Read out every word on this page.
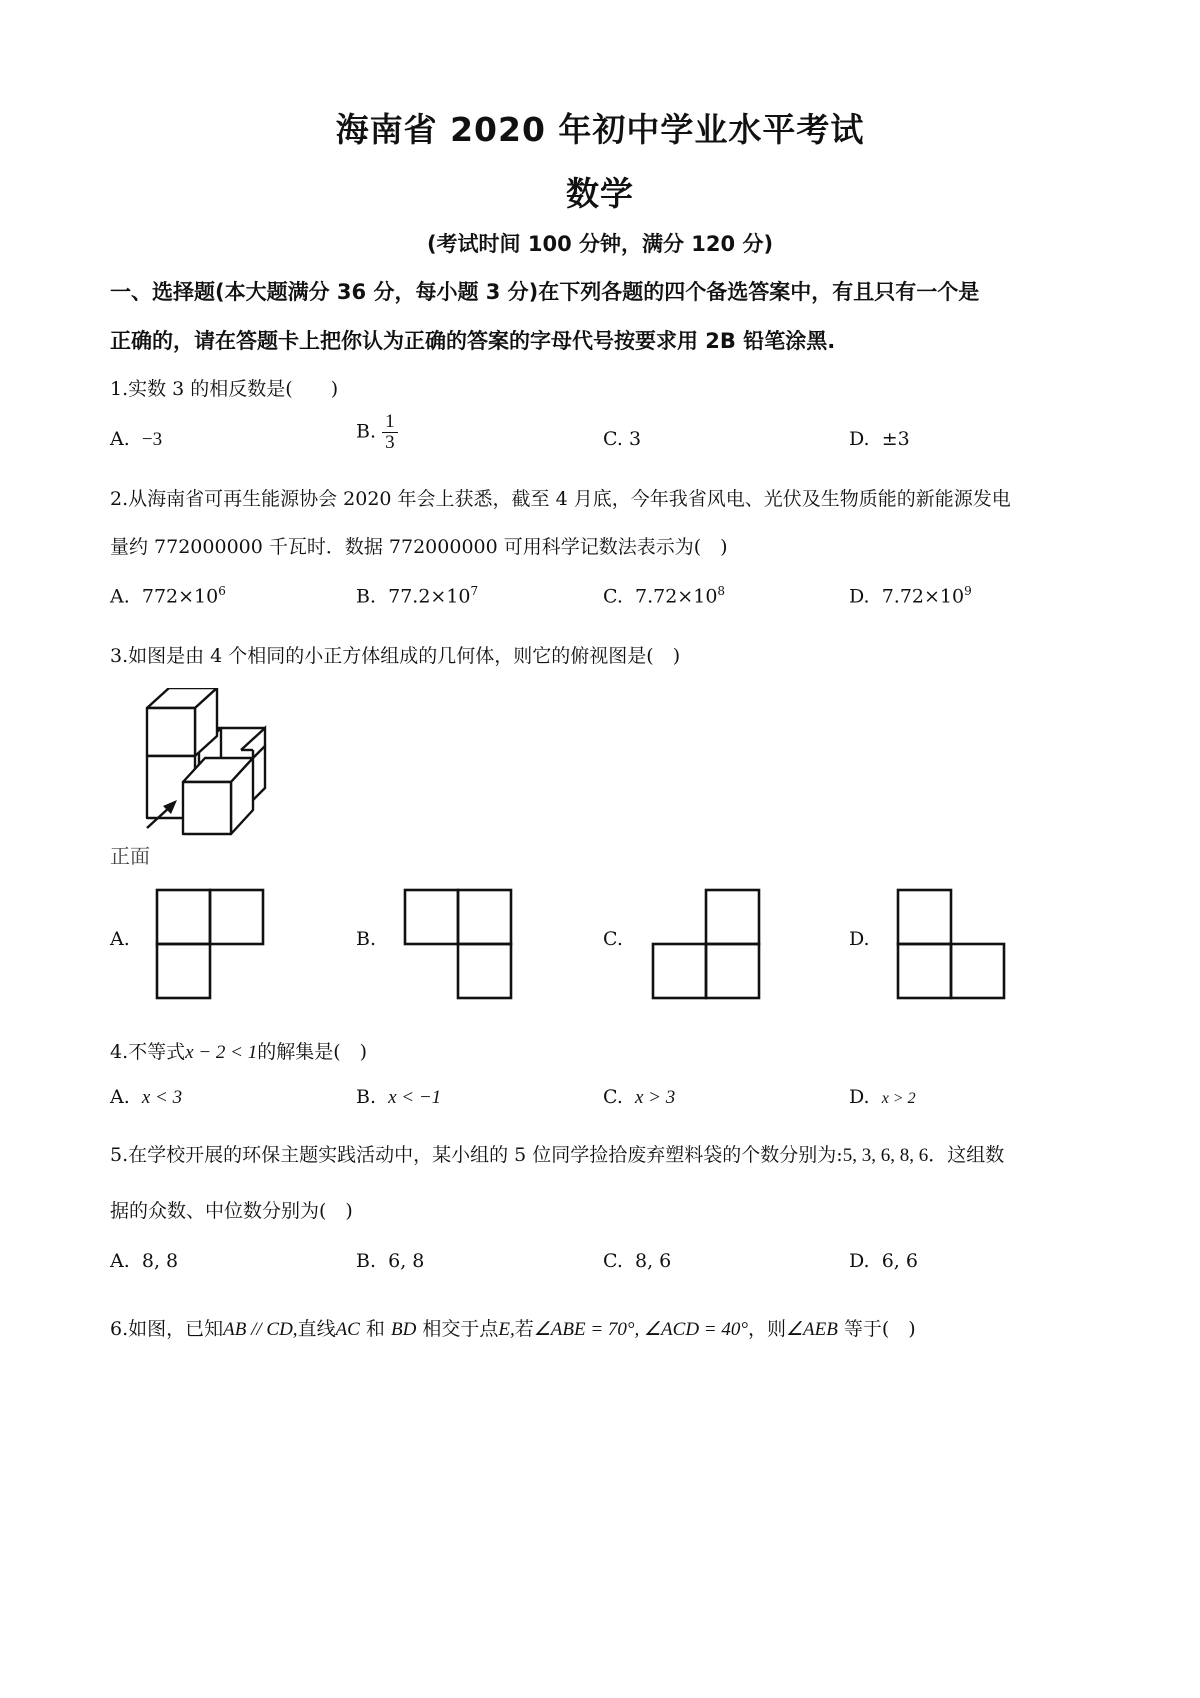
海南省 2020 年初中学业水平考试
数学
(考试时间 100 分钟，满分 120 分)
一、选择题(本大题满分 36 分，每小题 3 分)在下列各题的四个备选答案中，有且只有一个是
正确的，请在答题卡上把你认为正确的答案的字母代号按要求用 2B 铅笔涂黑.
1.实数 3 的相反数是(　　)
A. −3	B. $\frac{1}{3}$	C. 3	D. ±3
2.从海南省可再生能源协会 2020 年会上获悉，截至 4 月底，今年我省风电、光伏及生物质能的新能源发电
量约 772000000 千瓦时．数据 772000000 可用科学记数法表示为(　)
A. $772\times 10^6$	B. $77.2\times 10^7$	C. $7.72\times 10^8$	D. $7.72\times 10^9$
3.如图是由 4 个相同的小正方体组成的几何体，则它的俯视图是(　)
正面
A.	B.	C.	D.
4.不等式x − 2 < 1的解集是(　)
A. x < 3	B. x < −1	C. x > 3	D. x > 2
5.在学校开展的环保主题实践活动中，某小组的 5 位同学捡拾废弃塑料袋的个数分别为:5, 3, 6, 8, 6．这组数
据的众数、中位数分别为(　)
A. 8, 8	B. 6, 8	C. 8, 6	D. 6, 6
6.如图，已知AB // CD,直线AC 和 BD 相交于点E,若∠ABE = 70°, ∠ACD = 40°，则∠AEB 等于(　)
